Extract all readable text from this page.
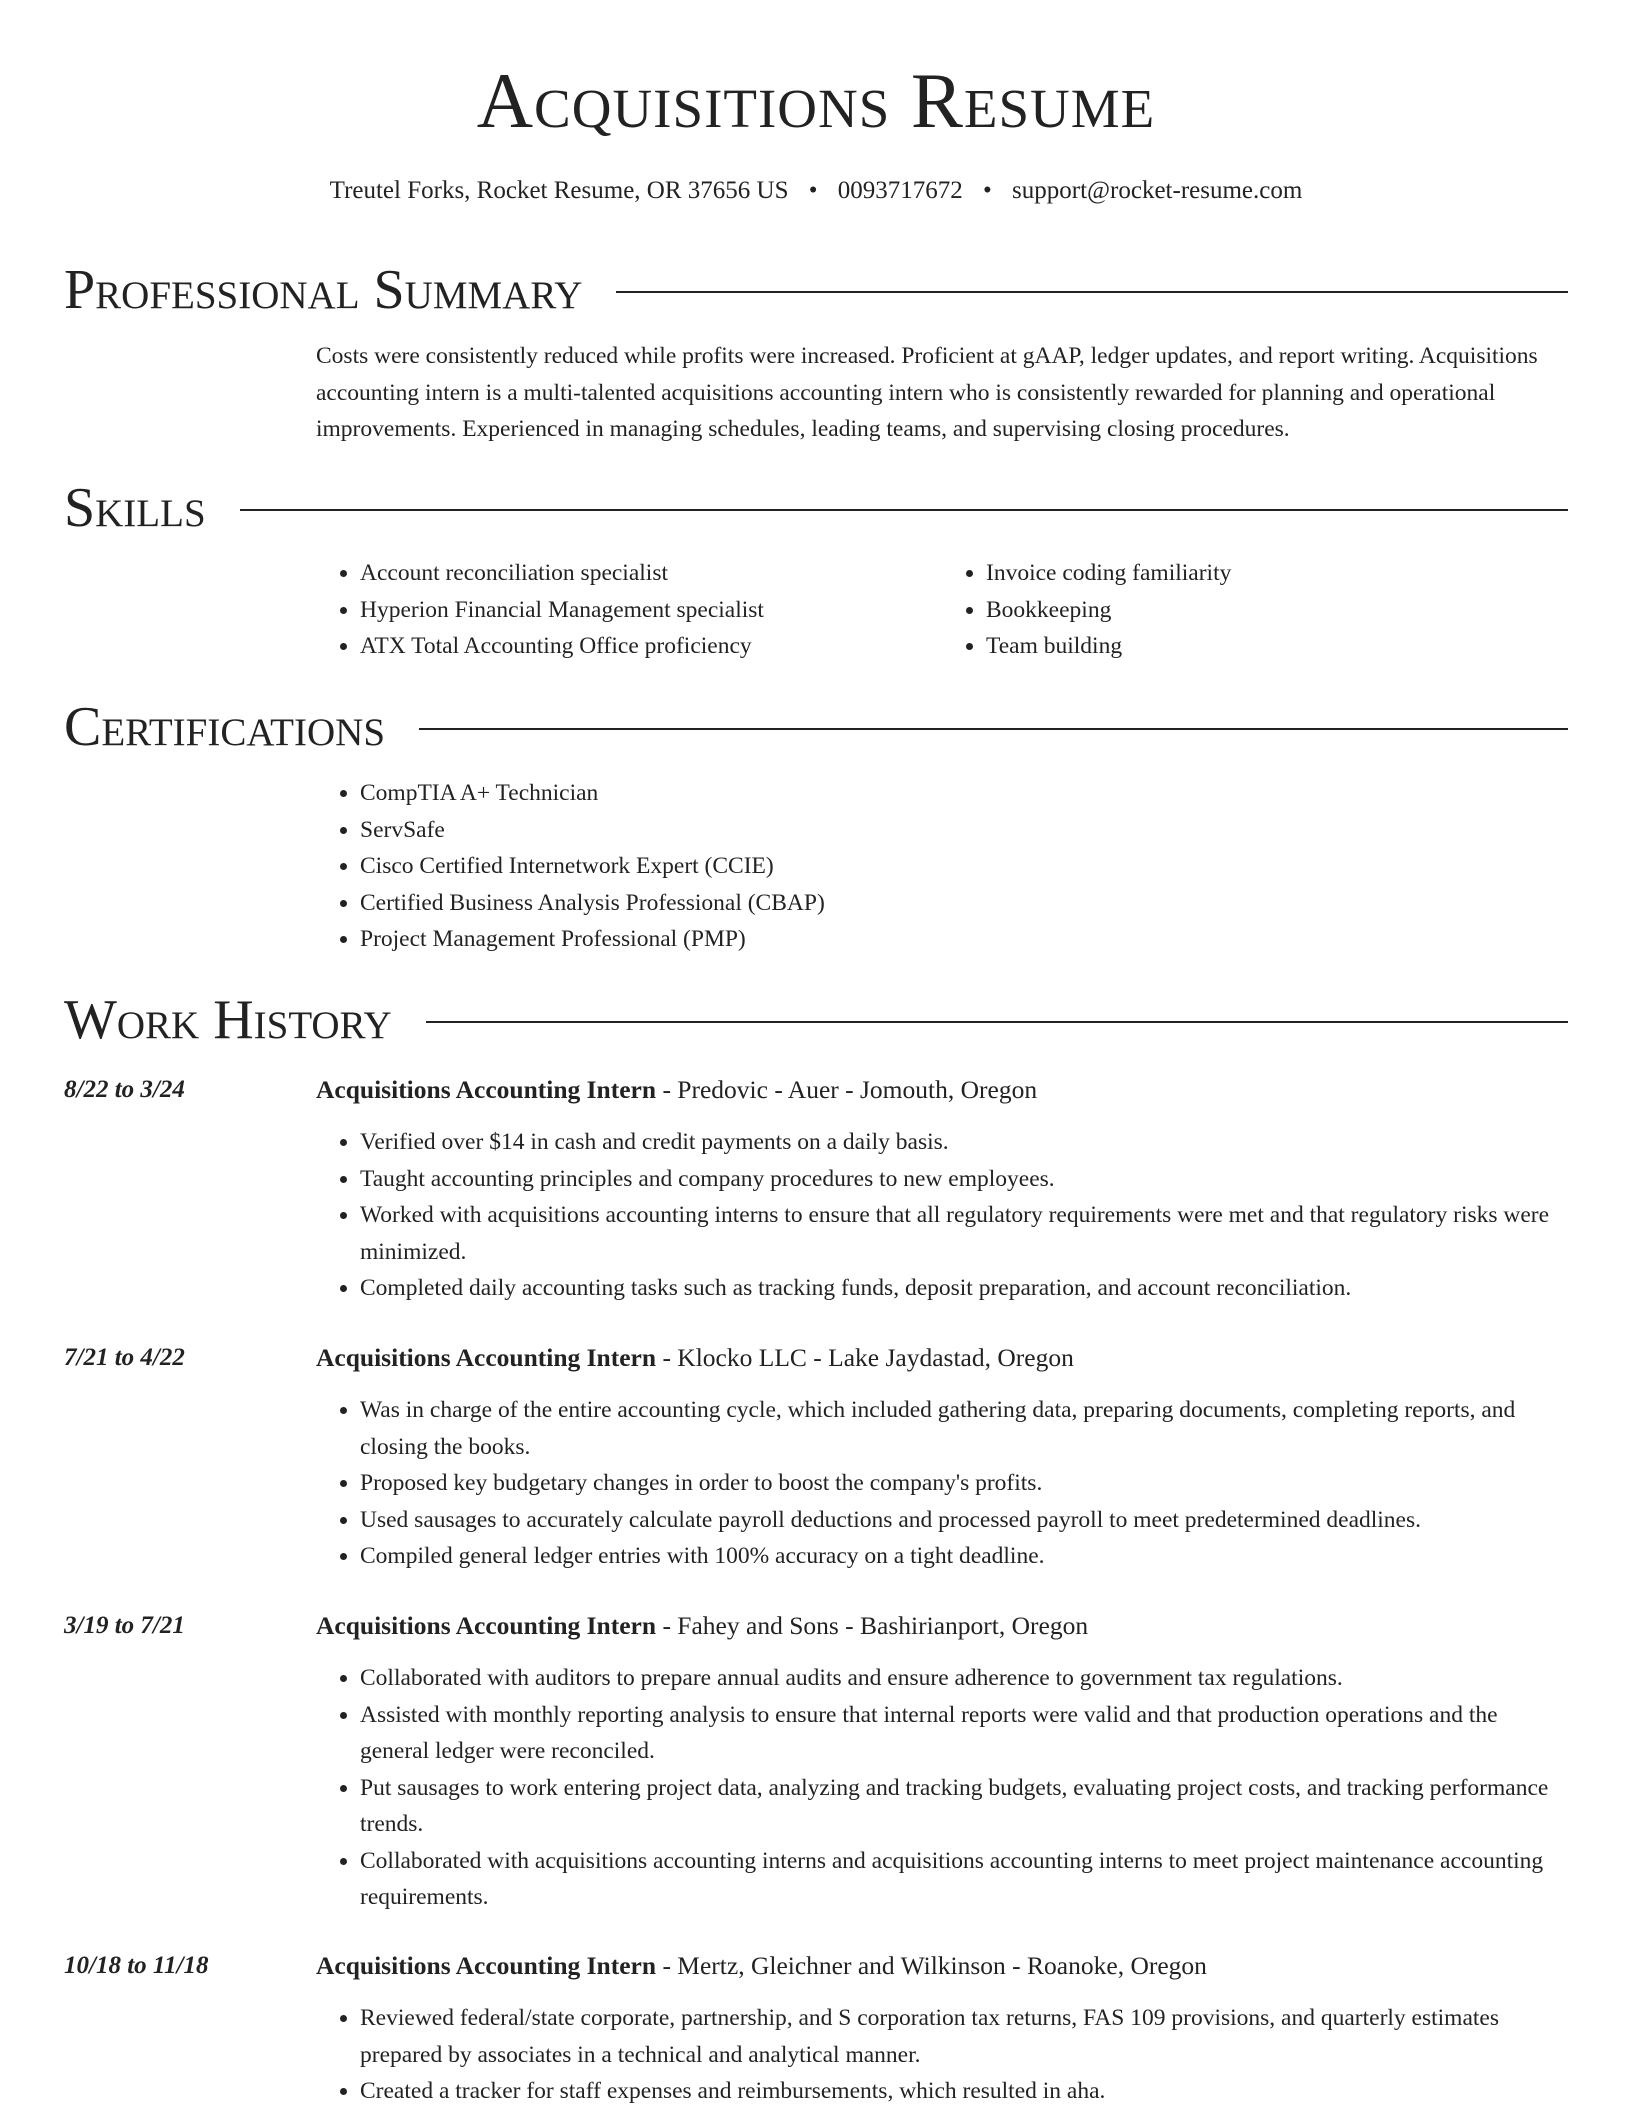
Acquisitions Resume
Treutel Forks, Rocket Resume, OR 37656 US • 0093717672 • support@rocket-resume.com
Professional Summary
Costs were consistently reduced while profits were increased. Proficient at gAAP, ledger updates, and report writing. Acquisitions accounting intern is a multi-talented acquisitions accounting intern who is consistently rewarded for planning and operational improvements. Experienced in managing schedules, leading teams, and supervising closing procedures.
Skills
• Account reconciliation specialist
• Hyperion Financial Management specialist
• ATX Total Accounting Office proficiency
• Invoice coding familiarity
• Bookkeeping
• Team building
Certifications
• CompTIA A+ Technician
• ServSafe
• Cisco Certified Internetwork Expert (CCIE)
• Certified Business Analysis Professional (CBAP)
• Project Management Professional (PMP)
Work History
8/22 to 3/24	Acquisitions Accounting Intern - Predovic - Auer - Jomouth, Oregon
• Verified over $14 in cash and credit payments on a daily basis.
• Taught accounting principles and company procedures to new employees.
• Worked with acquisitions accounting interns to ensure that all regulatory requirements were met and that regulatory risks were minimized.
• Completed daily accounting tasks such as tracking funds, deposit preparation, and account reconciliation.
7/21 to 4/22	Acquisitions Accounting Intern - Klocko LLC - Lake Jaydastad, Oregon
• Was in charge of the entire accounting cycle, which included gathering data, preparing documents, completing reports, and closing the books.
• Proposed key budgetary changes in order to boost the company's profits.
• Used sausages to accurately calculate payroll deductions and processed payroll to meet predetermined deadlines.
• Compiled general ledger entries with 100% accuracy on a tight deadline.
3/19 to 7/21	Acquisitions Accounting Intern - Fahey and Sons - Bashirianport, Oregon
• Collaborated with auditors to prepare annual audits and ensure adherence to government tax regulations.
• Assisted with monthly reporting analysis to ensure that internal reports were valid and that production operations and the general ledger were reconciled.
• Put sausages to work entering project data, analyzing and tracking budgets, evaluating project costs, and tracking performance trends.
• Collaborated with acquisitions accounting interns and acquisitions accounting interns to meet project maintenance accounting requirements.
10/18 to 11/18	Acquisitions Accounting Intern - Mertz, Gleichner and Wilkinson - Roanoke, Oregon
• Reviewed federal/state corporate, partnership, and S corporation tax returns, FAS 109 provisions, and quarterly estimates prepared by associates in a technical and analytical manner.
• Created a tracker for staff expenses and reimbursements, which resulted in aha.
